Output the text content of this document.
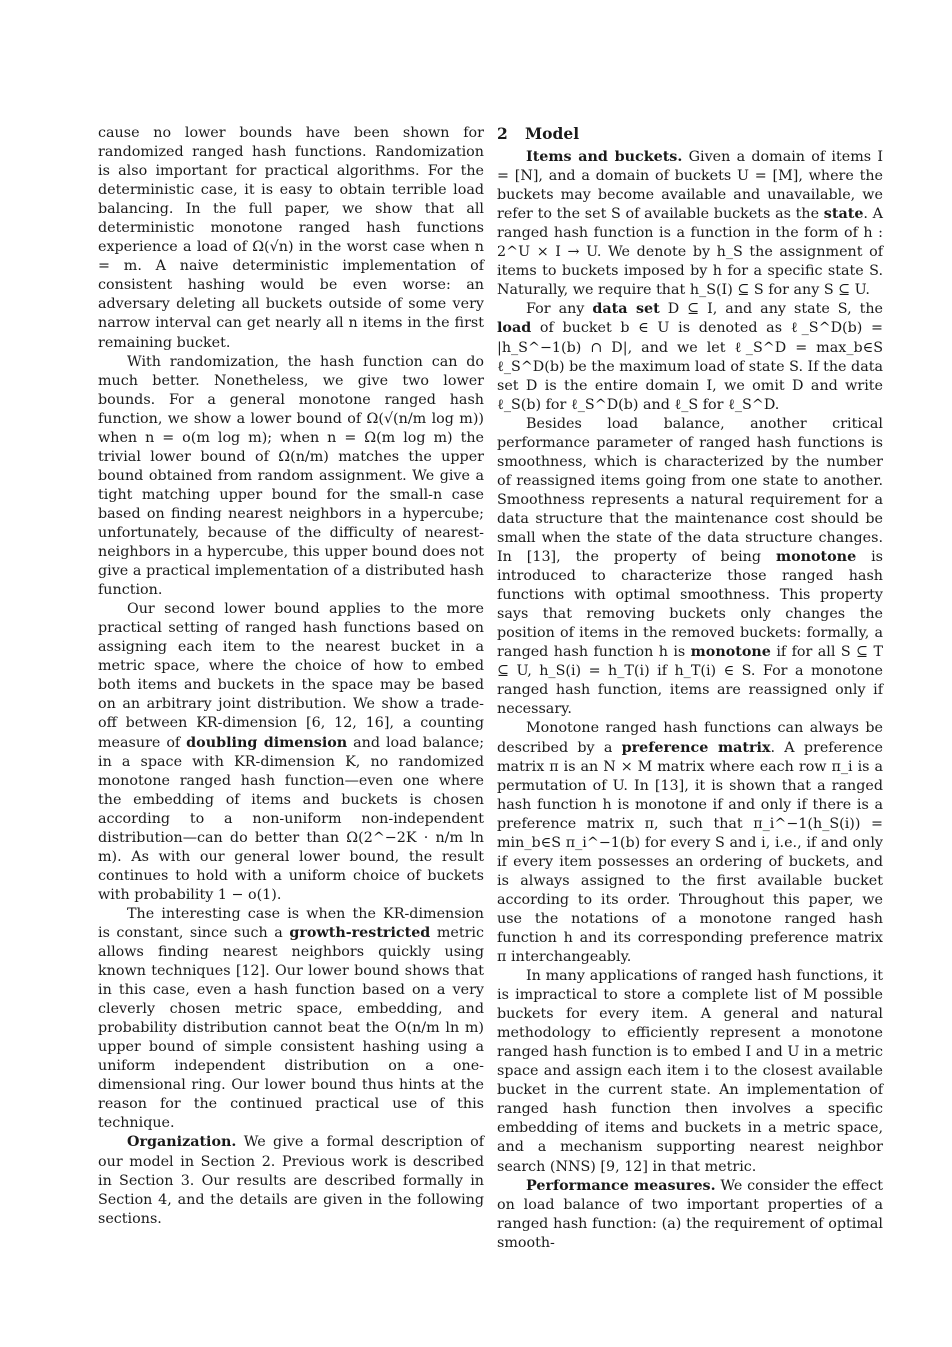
cause no lower bounds have been shown for randomized ranged hash functions. Randomization is also important for practical algorithms. For the deterministic case, it is easy to obtain terrible load balancing. In the full paper, we show that all deterministic monotone ranged hash functions experience a load of Ω(√n) in the worst case when n = m. A naive deterministic implementation of consistent hashing would be even worse: an adversary deleting all buckets outside of some very narrow interval can get nearly all n items in the first remaining bucket.

With randomization, the hash function can do much better. Nonetheless, we give two lower bounds. For a general monotone ranged hash function, we show a lower bound of Ω(√(n/m log m)) when n = o(m log m); when n = Ω(m log m) the trivial lower bound of Ω(n/m) matches the upper bound obtained from random assignment. We give a tight matching upper bound for the small-n case based on finding nearest neighbors in a hypercube; unfortunately, because of the difficulty of nearest-neighbors in a hypercube, this upper bound does not give a practical implementation of a distributed hash function.

Our second lower bound applies to the more practical setting of ranged hash functions based on assigning each item to the nearest bucket in a metric space, where the choice of how to embed both items and buckets in the space may be based on an arbitrary joint distribution. We show a trade-off between KR-dimension [6, 12, 16], a counting measure of doubling dimension and load balance; in a space with KR-dimension K, no randomized monotone ranged hash function—even one where the embedding of items and buckets is chosen according to a non-uniform non-independent distribution—can do better than Ω(2^−2K · n/m ln m). As with our general lower bound, the result continues to hold with a uniform choice of buckets with probability 1 − o(1).

The interesting case is when the KR-dimension is constant, since such a growth-restricted metric allows finding nearest neighbors quickly using known techniques [12]. Our lower bound shows that in this case, even a hash function based on a very cleverly chosen metric space, embedding, and probability distribution cannot beat the O(n/m ln m) upper bound of simple consistent hashing using a uniform independent distribution on a one-dimensional ring. Our lower bound thus hints at the reason for the continued practical use of this technique.

Organization. We give a formal description of our model in Section 2. Previous work is described in Section 3. Our results are described formally in Section 4, and the details are given in the following sections.

2 Model

Items and buckets. Given a domain of items I = [N], and a domain of buckets U = [M], where the buckets may become available and unavailable, we refer to the set S of available buckets as the state. A ranged hash function is a function in the form of h : 2^U × I → U. We denote by h_S the assignment of items to buckets imposed by h for a specific state S. Naturally, we require that h_S(I) ⊆ S for any S ⊆ U.

For any data set D ⊆ I, and any state S, the load of bucket b ∈ U is denoted as ℓ_S^D(b) = |h_S^−1(b) ∩ D|, and we let ℓ_S^D = max_b∈S ℓ_S^D(b) be the maximum load of state S. If the data set D is the entire domain I, we omit D and write ℓ_S(b) for ℓ_S^D(b) and ℓ_S for ℓ_S^D.

Besides load balance, another critical performance parameter of ranged hash functions is smoothness, which is characterized by the number of reassigned items going from one state to another. Smoothness represents a natural requirement for a data structure that the maintenance cost should be small when the state of the data structure changes. In [13], the property of being monotone is introduced to characterize those ranged hash functions with optimal smoothness. This property says that removing buckets only changes the position of items in the removed buckets: formally, a ranged hash function h is monotone if for all S ⊆ T ⊆ U, h_S(i) = h_T(i) if h_T(i) ∈ S. For a monotone ranged hash function, items are reassigned only if necessary.

Monotone ranged hash functions can always be described by a preference matrix. A preference matrix π is an N × M matrix where each row π_i is a permutation of U. In [13], it is shown that a ranged hash function h is monotone if and only if there is a preference matrix π, such that π_i^−1(h_S(i)) = min_b∈S π_i^−1(b) for every S and i, i.e., if and only if every item possesses an ordering of buckets, and is always assigned to the first available bucket according to its order. Throughout this paper, we use the notations of a monotone ranged hash function h and its corresponding preference matrix π interchangeably.

In many applications of ranged hash functions, it is impractical to store a complete list of M possible buckets for every item. A general and natural methodology to efficiently represent a monotone ranged hash function is to embed I and U in a metric space and assign each item i to the closest available bucket in the current state. An implementation of ranged hash function then involves a specific embedding of items and buckets in a metric space, and a mechanism supporting nearest neighbor search (NNS) [9, 12] in that metric.

Performance measures. We consider the effect on load balance of two important properties of a ranged hash function: (a) the requirement of optimal smooth-
